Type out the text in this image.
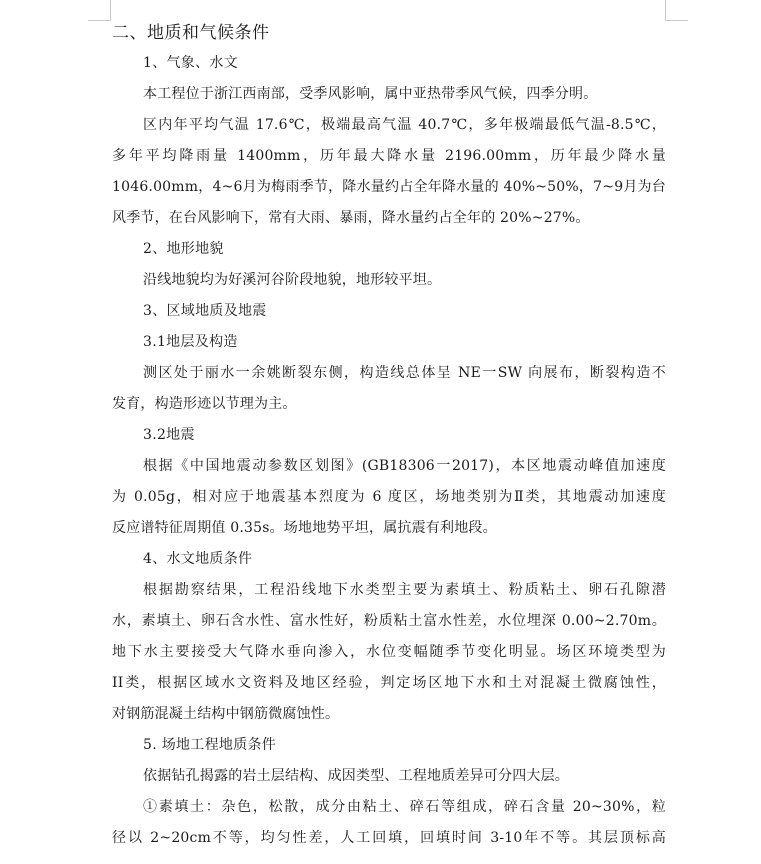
二、地质和气候条件

1、气象、水文

本工程位于浙江西南部，受季风影响，属中亚热带季风气候，四季分明。

区内年平均气温 17.6℃，极端最高气温 40.7℃，多年极端最低气温-8.5℃，

多年平均降雨量 1400mm，历年最大降水量 2196.00mm，历年最少降水量

1046.00mm，4~6月为梅雨季节，降水量约占全年降水量的 40%~50%，7~9月为台

风季节，在台风影响下，常有大雨、暴雨，降水量约占全年的 20%~27%。

2、地形地貌

沿线地貌均为好溪河谷阶段地貌，地形较平坦。

3、区域地质及地震

3.1地层及构造

测区处于丽水一余姚断裂东侧，构造线总体呈 NE一SW 向展布，断裂构造不

发育，构造形迹以节理为主。

3.2地震

根据《中国地震动参数区划图》(GB18306一2017)，本区地震动峰值加速度

为 0.05g，相对应于地震基本烈度为 6 度区，场地类别为Ⅱ类，其地震动加速度

反应谱特征周期值 0.35s。场地地势平坦，属抗震有利地段。

4、水文地质条件

根据勘察结果，工程沿线地下水类型主要为素填土、粉质粘土、卵石孔隙潜

水，素填土、卵石含水性、富水性好，粉质粘土富水性差，水位埋深 0.00~2.70m。

地下水主要接受大气降水垂向渗入，水位变幅随季节变化明显。场区环境类型为

II类，根据区域水文资料及地区经验，判定场区地下水和土对混凝土微腐蚀性，

对钢筋混凝土结构中钢筋微腐蚀性。

5. 场地工程地质条件

依据钻孔揭露的岩土层结构、成因类型、工程地质差异可分四大层。

①素填土：杂色，松散，成分由粘土、碎石等组成，碎石含量 20~30%，粒

径以 2~20cm不等，均匀性差，人工回填，回填时间 3-10年不等。其层顶标高
